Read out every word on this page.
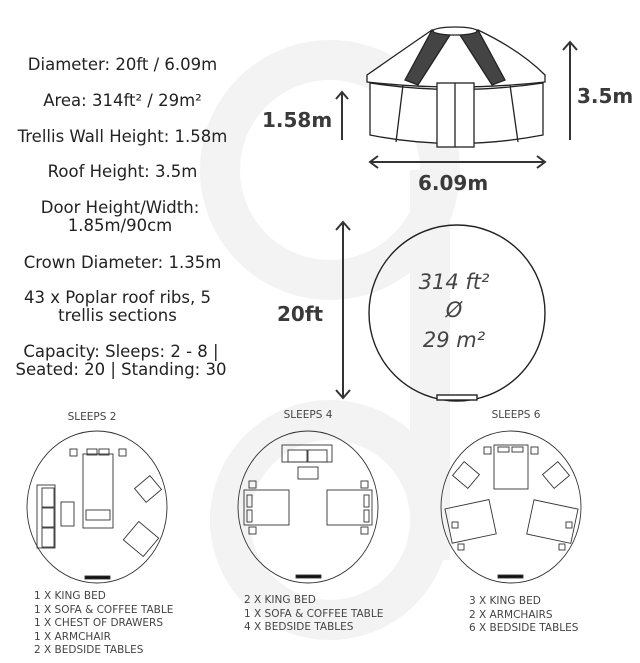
Diameter: 20ft / 6.09m
Area: 314ft² / 29m²
Trellis Wall Height: 1.58m
Roof Height: 3.5m
Door Height/Width: 1.85m/90cm
Crown Diameter: 1.35m
43 x Poplar roof ribs, 5 trellis sections
Capacity: Sleeps: 2 - 8 | Seated: 20 | Standing: 30
1.58m
3.5m
6.09m
20ft
314 ft²
Ø
29 m²
SLEEPS 2	SLEEPS 4	SLEEPS 6
1 X KING BED
1 X SOFA & COFFEE TABLE
1 X CHEST OF DRAWERS
1 X ARMCHAIR
2 X BEDSIDE TABLES
2 X KING BED
1 X SOFA & COFFEE TABLE
4 X BEDSIDE TABLES
3 X KING BED
2 X ARMCHAIRS
6 X BEDSIDE TABLES
